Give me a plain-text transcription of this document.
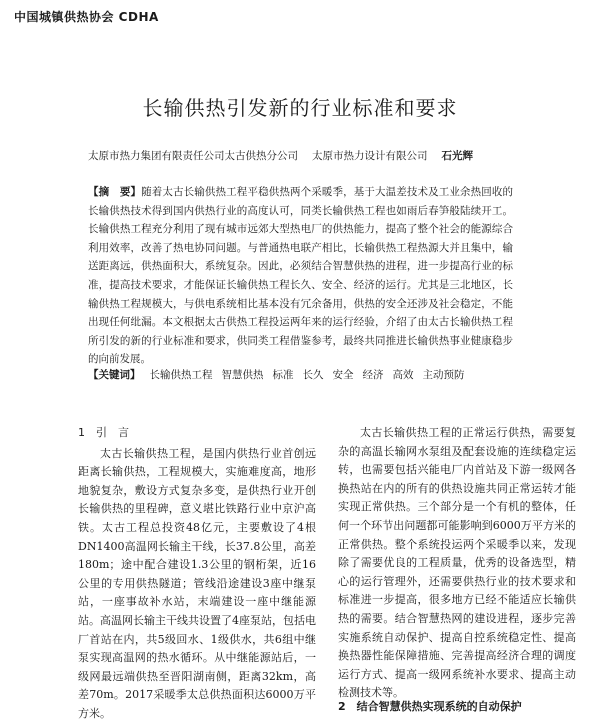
中国城镇供热协会 CDHA
长输供热引发新的行业标准和要求
太原市热力集团有限责任公司太古供热分公司 太原市热力设计有限公司 石光辉
【摘　要】随着太古长输供热工程平稳供热两个采暖季，基于大温差技术及工业余热回收的长输供热技术得到国内供热行业的高度认可，同类长输供热工程也如雨后春笋般陆续开工。长输供热工程充分利用了现有城市远郊大型热电厂的供热能力，提高了整个社会的能源综合利用效率，改善了热电协同问题。与普通热电联产相比，长输供热工程热源大并且集中，输送距离远，供热面积大，系统复杂。因此，必须结合智慧供热的进程，进一步提高行业的标准，提高技术要求，才能保证长输供热工程长久、安全、经济的运行。尤其是三北地区，长输供热工程规模大，与供电系统相比基本没有冗余备用，供热的安全还涉及社会稳定，不能出现任何纰漏。本文根据太古供热工程投运两年来的运行经验，介绍了由太古长输供热工程所引发的新的行业标准和要求，供同类工程借鉴参考，最终共同推进长输供热事业健康稳步的向前发展。
【关键词】 长输供热工程 智慧供热 标准 长久 安全 经济 高效 主动预防
1　引　言

太古长输供热工程，是国内供热行业首创远距离长输供热，工程规模大，实施难度高，地形地貌复杂，敷设方式复杂多变，是供热行业开创长输供热的里程碑，意义堪比铁路行业中京沪高铁。太古工程总投资48亿元，主要敷设了4根DN1400高温网长输主干线，长37.8公里，高差180m；途中配合建设1.3公里的钢桁架，近16公里的专用供热隧道；管线沿途建设3座中继泵站，一座事故补水站，末端建设一座中继能源站。高温网长输主干线共设置了4座泵站，包括电厂首站在内，共5级回水、1级供水，共6组中继泵实现高温网的热水循环。从中继能源站后，一级网最远端供热至晋阳湖南侧，距离32km，高差70m。2017采暖季太总供热面积达6000万平方米。

太古长输供热工程的正常运行供热，需要复杂的高温长输网水泵组及配套设施的连续稳定运转，也需要包括兴能电厂内首站及下游一级网各换热站在内的所有的供热设施共同正常运转才能实现正常供热。三个部分是一个有机的整体，任何一个环节出问题都可能影响到6000万平方米的正常供热。整个系统投运两个采暖季以来，发现除了需要优良的工程质量，优秀的设备选型，精心的运行管理外，还需要供热行业的技术要求和标准进一步提高，很多地方已经不能适应长输供热的需要。结合智慧热网的建设进程，逐步完善实施系统自动保护、提高自控系统稳定性、提高换热器性能保障措施、完善提高经济合理的调度运行方式、提高一级网系统补水要求、提高主动检测技术等。

2　结合智慧供热实现系统的自动保护
